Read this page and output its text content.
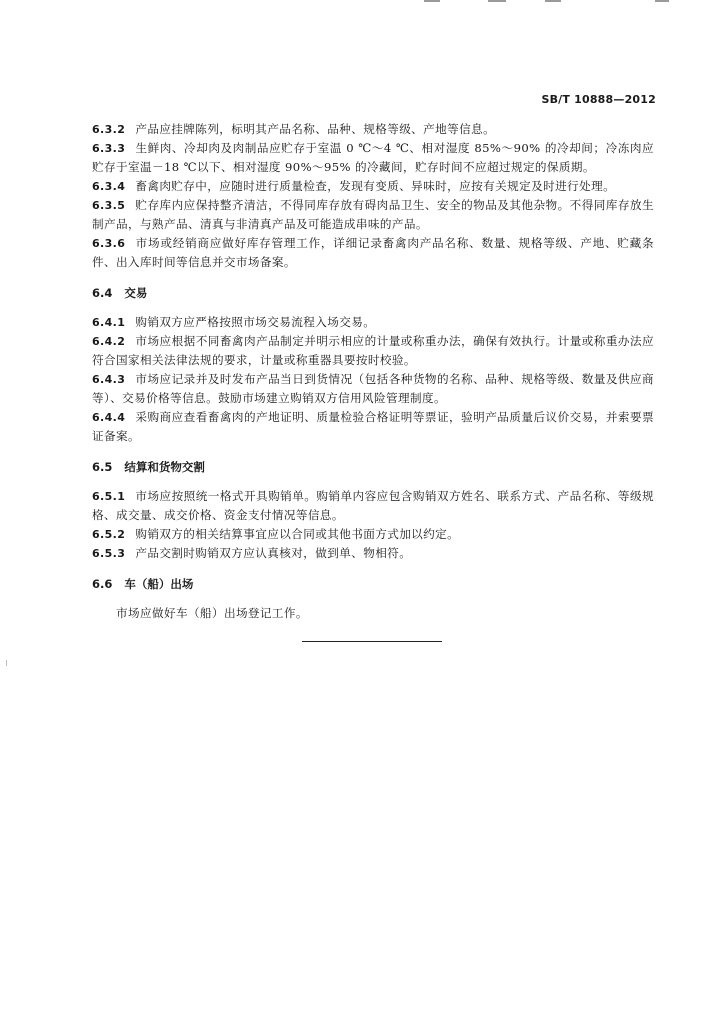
SB/T 10888—2012

6.3.2 产品应挂牌陈列，标明其产品名称、品种、规格等级、产地等信息。

6.3.3 生鲜肉、冷却肉及肉制品应贮存于室温 0 ℃～4 ℃、相对湿度 85%～90% 的冷却间；冷冻肉应贮存于室温－18 ℃以下、相对湿度 90%～95% 的冷藏间，贮存时间不应超过规定的保质期。

6.3.4 畜禽肉贮存中，应随时进行质量检查，发现有变质、异味时，应按有关规定及时进行处理。

6.3.5 贮存库内应保持整齐清洁，不得同库存放有碍肉品卫生、安全的物品及其他杂物。不得同库存放生制产品，与熟产品、清真与非清真产品及可能造成串味的产品。

6.3.6 市场或经销商应做好库存管理工作，详细记录畜禽肉产品名称、数量、规格等级、产地、贮藏条件、出入库时间等信息并交市场备案。

6.4 交易

6.4.1 购销双方应严格按照市场交易流程入场交易。

6.4.2 市场应根据不同畜禽肉产品制定并明示相应的计量或称重办法，确保有效执行。计量或称重办法应符合国家相关法律法规的要求，计量或称重器具要按时校验。

6.4.3 市场应记录并及时发布产品当日到货情况（包括各种货物的名称、品种、规格等级、数量及供应商等）、交易价格等信息。鼓励市场建立购销双方信用风险管理制度。

6.4.4 采购商应查看畜禽肉的产地证明、质量检验合格证明等票证，验明产品质量后议价交易，并索要票证备案。

6.5 结算和货物交割

6.5.1 市场应按照统一格式开具购销单。购销单内容应包含购销双方姓名、联系方式、产品名称、等级规格、成交量、成交价格、资金支付情况等信息。

6.5.2 购销双方的相关结算事宜应以合同或其他书面方式加以约定。

6.5.3 产品交割时购销双方应认真核对，做到单、物相符。

6.6 车（船）出场

市场应做好车（船）出场登记工作。
